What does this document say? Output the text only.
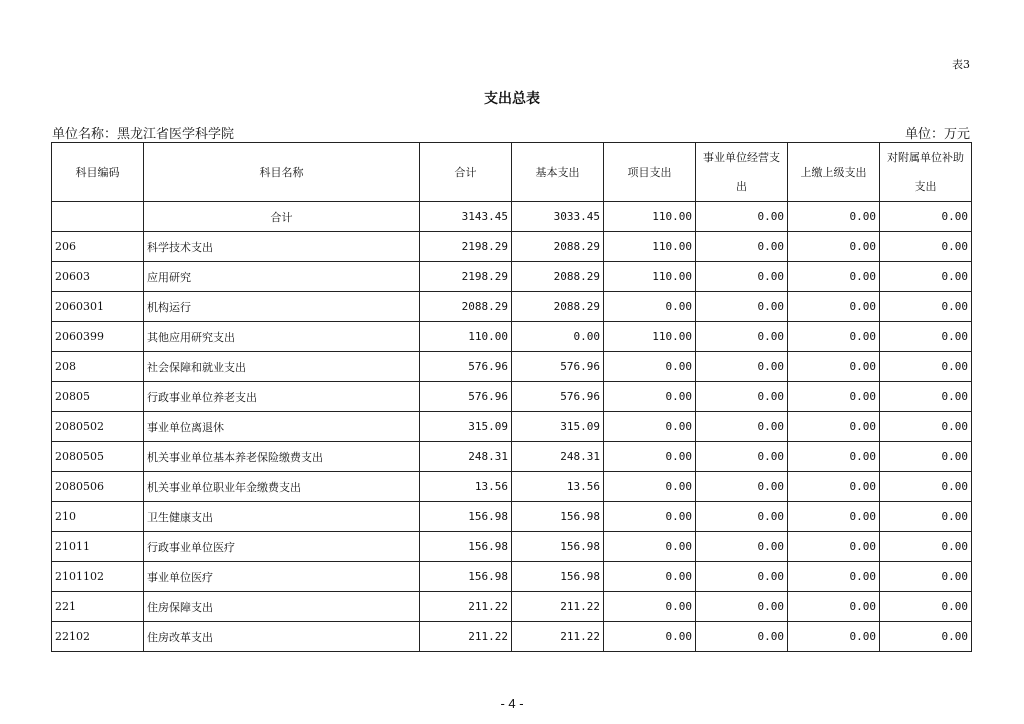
表3
支出总表
单位名称：黑龙江省医学科学院	单位：万元
科目编码	科目名称	合计	基本支出	项目支出	事业单位经营支出	上缴上级支出	对附属单位补助支出
	合计	3143.45	3033.45	110.00	0.00	0.00	0.00
206	科学技术支出	2198.29	2088.29	110.00	0.00	0.00	0.00
20603	应用研究	2198.29	2088.29	110.00	0.00	0.00	0.00
2060301	机构运行	2088.29	2088.29	0.00	0.00	0.00	0.00
2060399	其他应用研究支出	110.00	0.00	110.00	0.00	0.00	0.00
208	社会保障和就业支出	576.96	576.96	0.00	0.00	0.00	0.00
20805	行政事业单位养老支出	576.96	576.96	0.00	0.00	0.00	0.00
2080502	事业单位离退休	315.09	315.09	0.00	0.00	0.00	0.00
2080505	机关事业单位基本养老保险缴费支出	248.31	248.31	0.00	0.00	0.00	0.00
2080506	机关事业单位职业年金缴费支出	13.56	13.56	0.00	0.00	0.00	0.00
210	卫生健康支出	156.98	156.98	0.00	0.00	0.00	0.00
21011	行政事业单位医疗	156.98	156.98	0.00	0.00	0.00	0.00
2101102	事业单位医疗	156.98	156.98	0.00	0.00	0.00	0.00
221	住房保障支出	211.22	211.22	0.00	0.00	0.00	0.00
22102	住房改革支出	211.22	211.22	0.00	0.00	0.00	0.00
- 4 -
